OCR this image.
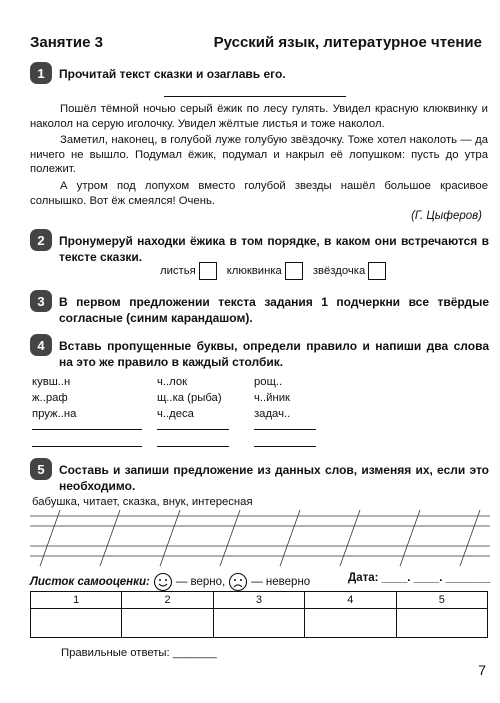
Занятие 3	Русский язык, литературное чтение
1	Прочитай текст сказки и озаглавь его.
Пошёл тёмной ночью серый ёжик по лесу гулять. Увидел красную клюквинку и наколол на серую иголочку. Увидел жёлтые листья и тоже наколол.
Заметил, наконец, в голубой луже голубую звёздочку. Тоже хотел наколоть — да ничего не вышло. Подумал ёжик, подумал и накрыл её лопушком: пусть до утра полежит.
А утром под лопухом вместо голубой звезды нашёл большое красивое солнышко. Вот ёж смеялся! Очень.
(Г. Цыферов)
2	Пронумеруй находки ёжика в том порядке, в каком они встречаются в тексте сказки.
листья	клюквинка	звёздочка
3	В первом предложении текста задания 1 подчеркни все твёрдые согласные (синим карандашом).
4	Вставь пропущенные буквы, определи правило и напиши два слова на это же правило в каждый столбик.
кувш..н
ж..раф
пруж..на
ч..лок
щ..ка (рыба)
ч..деса
рощ..
ч..йник
задач..
5	Составь и запиши предложение из данных слов, изменяя их, если это необходимо.
бабушка, читает, сказка, внук, интересная
Листок самооценки: — верно, — неверно	Дата: ____. ____. _______
1	2	3	4	5

Правильные ответы: _______
7
